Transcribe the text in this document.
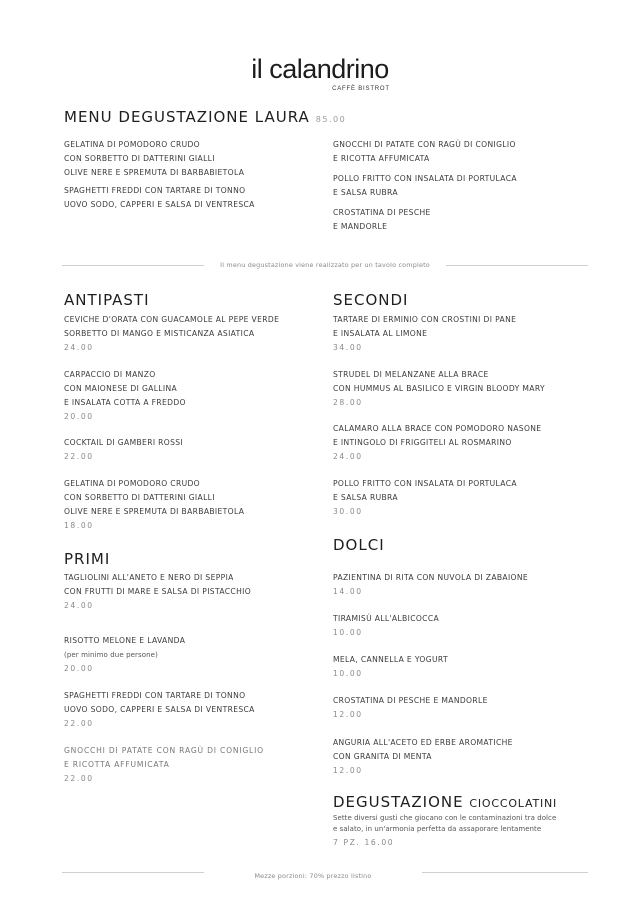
il calandrino
CAFFÈ BISTROT
MENU DEGUSTAZIONE LAURA 85.00
GELATINA DI POMODORO CRUDO
CON SORBETTO DI DATTERINI GIALLI
OLIVE NERE E SPREMUTA DI BARBABIETOLA
SPAGHETTI FREDDI CON TARTARE DI TONNO
UOVO SODO, CAPPERI E SALSA DI VENTRESCA
GNOCCHI DI PATATE CON RAGÙ DI CONIGLIO
E RICOTTA AFFUMICATA
POLLO FRITTO CON INSALATA DI PORTULACA
E SALSA RUBRA
CROSTATINA DI PESCHE
E MANDORLE
Il menu degustazione viene realizzato per un tavolo completo
ANTIPASTI
CEVICHE D'ORATA CON GUACAMOLE AL PEPE VERDE
SORBETTO DI MANGO E MISTICANZA ASIATICA
24.00
CARPACCIO DI MANZO
CON MAIONESE DI GALLINA
E INSALATA COTTA A FREDDO
20.00
COCKTAIL DI GAMBERI ROSSI
22.00
GELATINA DI POMODORO CRUDO
CON SORBETTO DI DATTERINI GIALLI
OLIVE NERE E SPREMUTA DI BARBABIETOLA
18.00
PRIMI
TAGLIOLINI ALL'ANETO E NERO DI SEPPIA
CON FRUTTI DI MARE E SALSA DI PISTACCHIO
24.00
RISOTTO MELONE E LAVANDA
(per minimo due persone)
20.00
SPAGHETTI FREDDI CON TARTARE DI TONNO
UOVO SODO, CAPPERI E SALSA DI VENTRESCA
22.00
GNOCCHI DI PATATE CON RAGÙ DI CONIGLIO
E RICOTTA AFFUMICATA
22.00
SECONDI
TARTARE DI ERMINIO CON CROSTINI DI PANE
E INSALATA AL LIMONE
34.00
STRUDEL DI MELANZANE ALLA BRACE
CON HUMMUS AL BASILICO E VIRGIN BLOODY MARY
28.00
CALAMARO ALLA BRACE CON POMODORO NASONE
E INTINGOLO DI FRIGGITELI AL ROSMARINO
24.00
POLLO FRITTO CON INSALATA DI PORTULACA
E SALSA RUBRA
30.00
DOLCI
PAZIENTINA DI RITA CON NUVOLA DI ZABAIONE
14.00
TIRAMISÙ ALL'ALBICOCCA
10.00
MELA, CANNELLA E YOGURT
10.00
CROSTATINA DI PESCHE E MANDORLE
12.00
ANGURIA ALL'ACETO ED ERBE AROMATICHE
CON GRANITA DI MENTA
12.00
DEGUSTAZIONE CIOCCOLATINI
Sette diversi gusti che giocano con le contaminazioni tra dolce
e salato, in un'armonia perfetta da assaporare lentamente
7 PZ. 16.00
Mezze porzioni: 70% prezzo listino
